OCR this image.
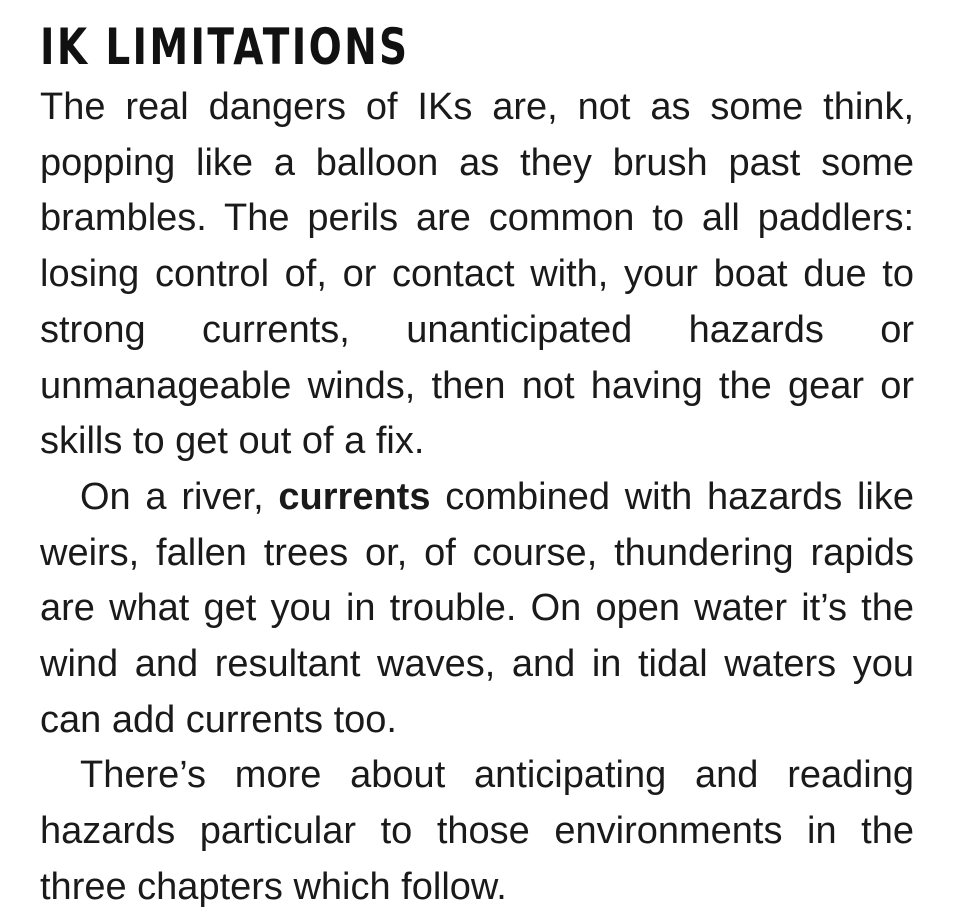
IK LIMITATIONS

The real dangers of IKs are, not as some think, popping like a balloon as they brush past some brambles. The perils are common to all paddlers: losing control of, or contact with, your boat due to strong currents, unanticipated hazards or unmanageable winds, then not having the gear or skills to get out of a fix.

On a river, currents combined with hazards like weirs, fallen trees or, of course, thundering rapids are what get you in trouble. On open water it’s the wind and resultant waves, and in tidal waters you can add currents too.

There’s more about anticipating and reading hazards particular to those environments in the three chapters which follow.
